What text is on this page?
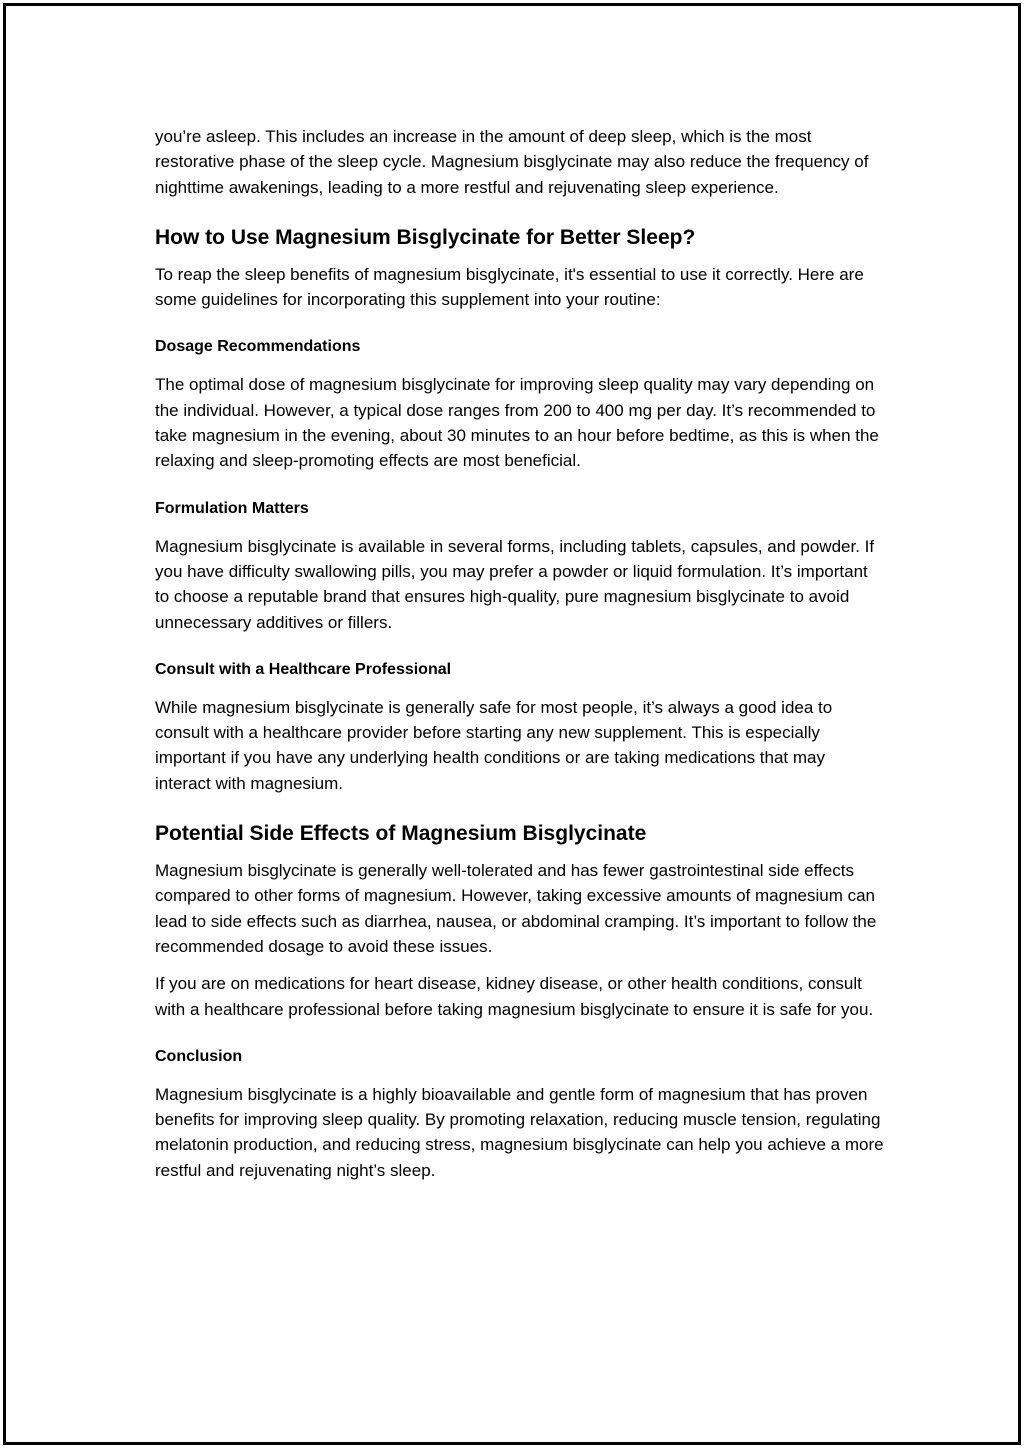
you’re asleep. This includes an increase in the amount of deep sleep, which is the most restorative phase of the sleep cycle. Magnesium bisglycinate may also reduce the frequency of nighttime awakenings, leading to a more restful and rejuvenating sleep experience.

How to Use Magnesium Bisglycinate for Better Sleep?

To reap the sleep benefits of magnesium bisglycinate, it's essential to use it correctly. Here are some guidelines for incorporating this supplement into your routine:

Dosage Recommendations

The optimal dose of magnesium bisglycinate for improving sleep quality may vary depending on the individual. However, a typical dose ranges from 200 to 400 mg per day. It’s recommended to take magnesium in the evening, about 30 minutes to an hour before bedtime, as this is when the relaxing and sleep-promoting effects are most beneficial.

Formulation Matters

Magnesium bisglycinate is available in several forms, including tablets, capsules, and powder. If you have difficulty swallowing pills, you may prefer a powder or liquid formulation. It’s important to choose a reputable brand that ensures high-quality, pure magnesium bisglycinate to avoid unnecessary additives or fillers.

Consult with a Healthcare Professional

While magnesium bisglycinate is generally safe for most people, it’s always a good idea to consult with a healthcare provider before starting any new supplement. This is especially important if you have any underlying health conditions or are taking medications that may interact with magnesium.

Potential Side Effects of Magnesium Bisglycinate

Magnesium bisglycinate is generally well-tolerated and has fewer gastrointestinal side effects compared to other forms of magnesium. However, taking excessive amounts of magnesium can lead to side effects such as diarrhea, nausea, or abdominal cramping. It’s important to follow the recommended dosage to avoid these issues.

If you are on medications for heart disease, kidney disease, or other health conditions, consult with a healthcare professional before taking magnesium bisglycinate to ensure it is safe for you.

Conclusion

Magnesium bisglycinate is a highly bioavailable and gentle form of magnesium that has proven benefits for improving sleep quality. By promoting relaxation, reducing muscle tension, regulating melatonin production, and reducing stress, magnesium bisglycinate can help you achieve a more restful and rejuvenating night’s sleep.
